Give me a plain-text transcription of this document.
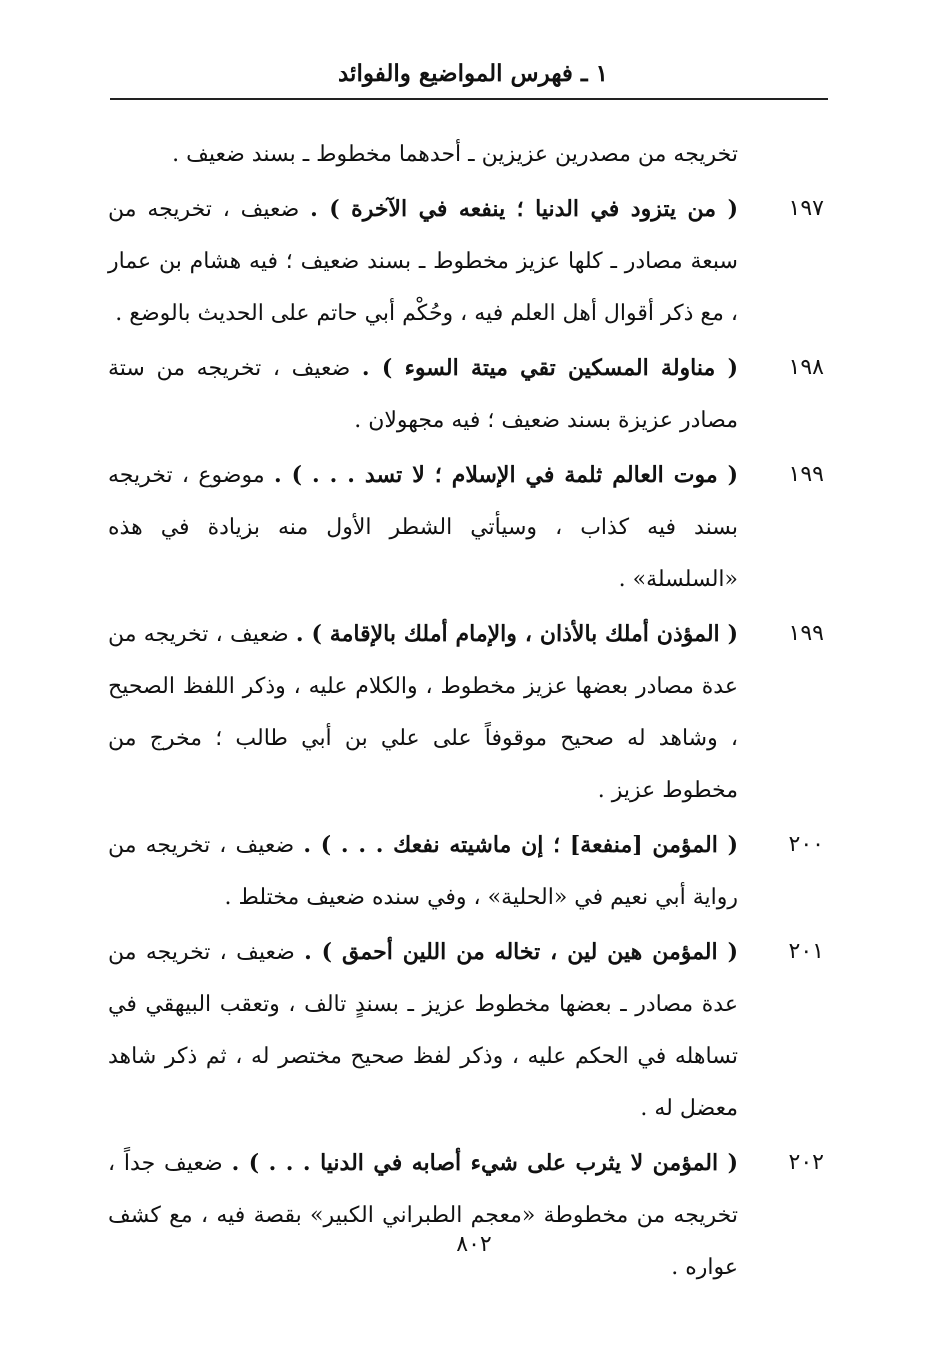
١ ـ فهرس المواضيع والفوائد
تخريجه من مصدرين عزيزين ـ أحدهما مخطوط ـ بسند ضعيف .
١٩٧
( من يتزود في الدنيا ؛ ينفعه في الآخرة ) . ضعيف ، تخريجه من سبعة مصادر ـ كلها عزيز مخطوط ـ بسند ضعيف ؛ فيه هشام بن عمار ، مع ذكر أقوال أهل العلم فيه ، وحُكْم أبي حاتم على الحديث بالوضع .
١٩٨
( مناولة المسكين تقي ميتة السوء ) . ضعيف ، تخريجه من ستة مصادر عزيزة بسند ضعيف ؛ فيه مجهولان .
١٩٩
( موت العالم ثلمة في الإسلام ؛ لا تسد . . . ) . موضوع ، تخريجه بسند فيه كذاب ، وسيأتي الشطر الأول منه بزيادة في هذه «السلسلة» .
١٩٩
( المؤذن أملك بالأذان ، والإمام أملك بالإقامة ) . ضعيف ، تخريجه من عدة مصادر بعضها عزيز مخطوط ، والكلام عليه ، وذكر اللفظ الصحيح ، وشاهد له صحيح موقوفاً على علي بن أبي طالب ؛ مخرج من مخطوط عزيز .
٢٠٠
( المؤمن [منفعة] ؛ إن ماشيته نفعك . . . ) . ضعيف ، تخريجه من رواية أبي نعيم في «الحلية» ، وفي سنده ضعيف مختلط .
٢٠١
( المؤمن هين لين ، تخاله من اللين أحمق ) . ضعيف ، تخريجه من عدة مصادر ـ بعضها مخطوط عزيز ـ بسندٍ تالف ، وتعقب البيهقي في تساهله في الحكم عليه ، وذكر لفظ صحيح مختصر له ، ثم ذكر شاهد معضل له .
٢٠٢
( المؤمن لا يثرب على شيء أصابه في الدنيا . . . ) . ضعيف جداً ، تخريجه من مخطوطة «معجم الطبراني الكبير» بقصة فيه ، مع كشف عواره .
٨٠٢
